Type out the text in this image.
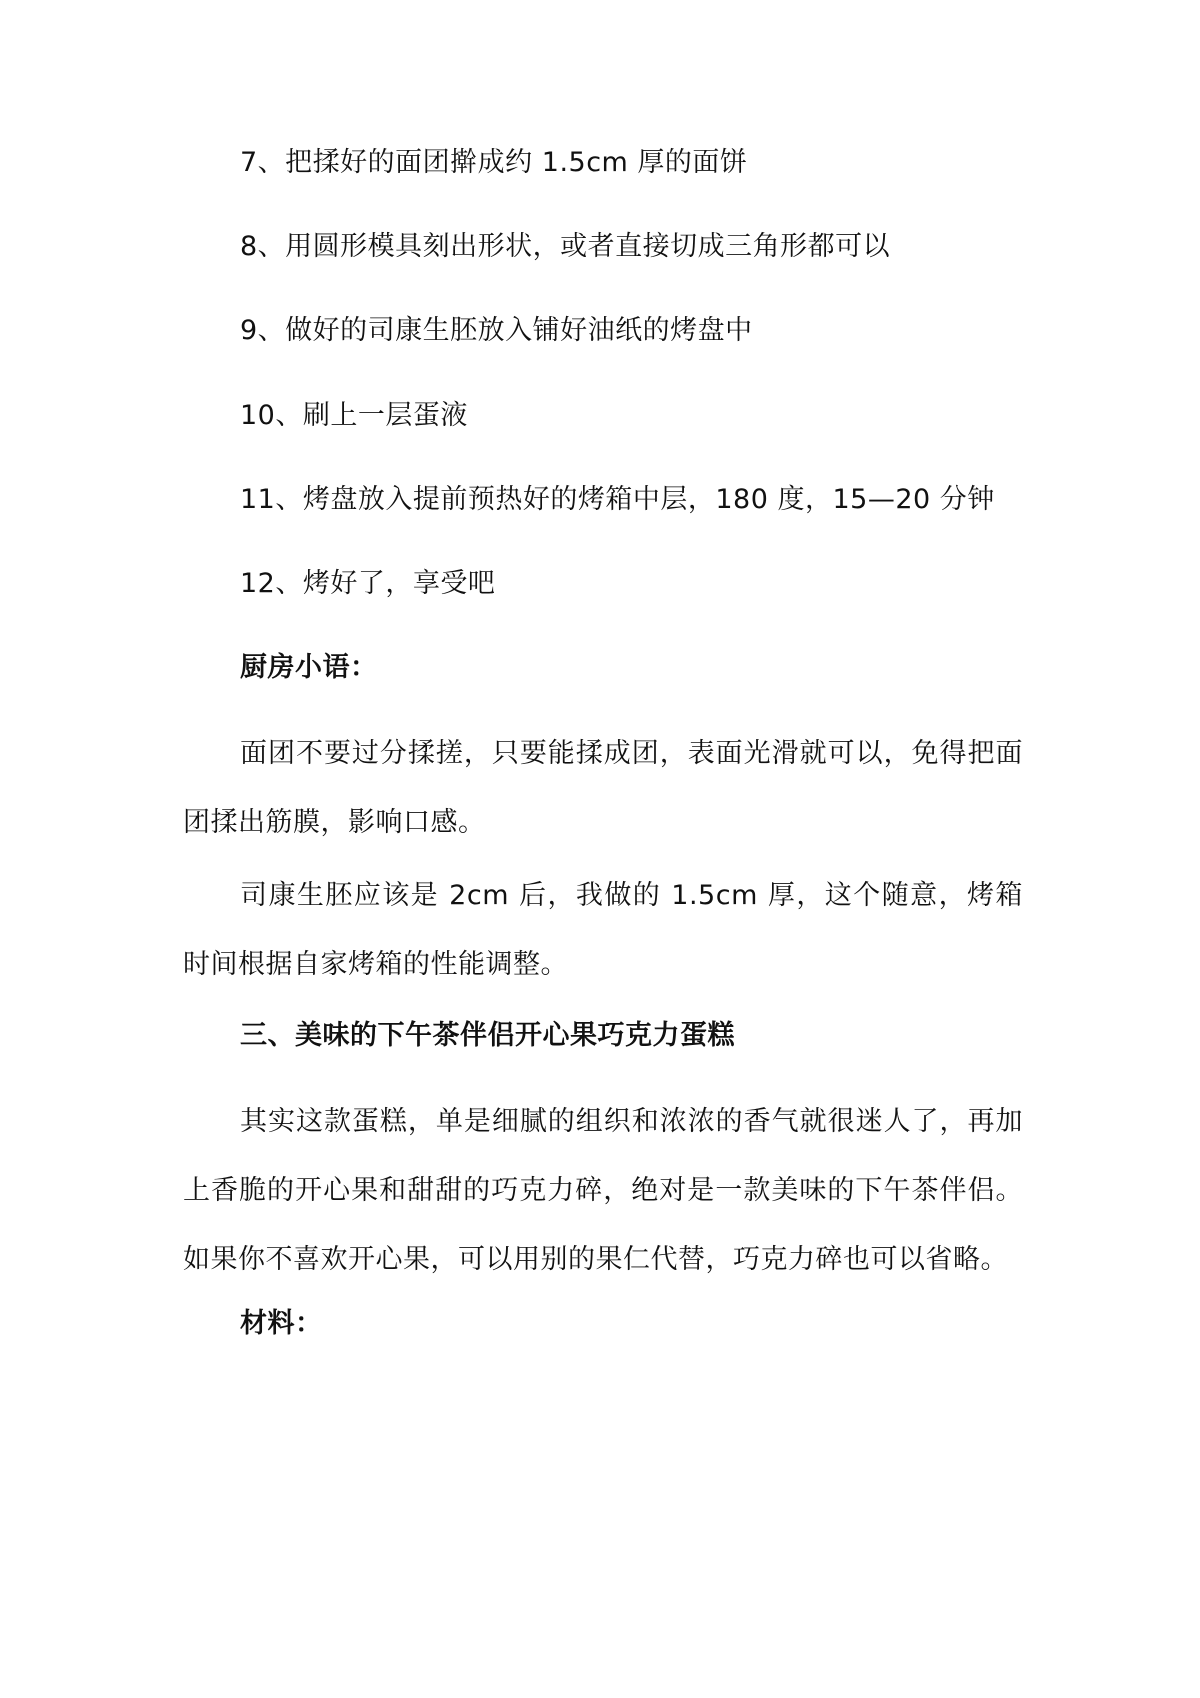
7、把揉好的面团擀成约 1.5cm 厚的面饼
8、用圆形模具刻出形状，或者直接切成三角形都可以
9、做好的司康生胚放入铺好油纸的烤盘中
10、刷上一层蛋液
11、烤盘放入提前预热好的烤箱中层，180 度，15—20 分钟
12、烤好了，享受吧
厨房小语：

面团不要过分揉搓，只要能揉成团，表面光滑就可以，免得把面团揉出筋膜，影响口感。

司康生胚应该是 2cm 后，我做的 1.5cm 厚，这个随意，烤箱时间根据自家烤箱的性能调整。

三、美味的下午茶伴侣开心果巧克力蛋糕

其实这款蛋糕，单是细腻的组织和浓浓的香气就很迷人了，再加上香脆的开心果和甜甜的巧克力碎，绝对是一款美味的下午茶伴侣。如果你不喜欢开心果，可以用别的果仁代替，巧克力碎也可以省略。

材料：
